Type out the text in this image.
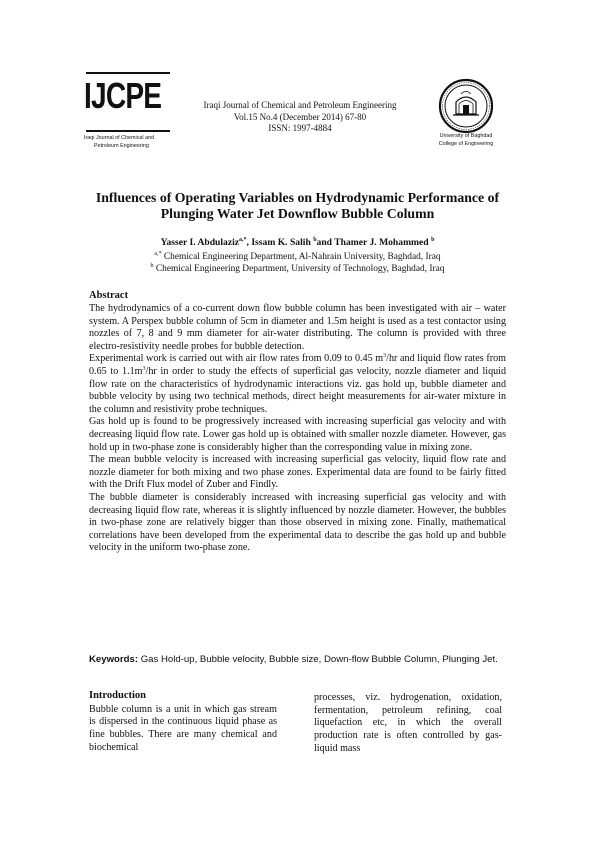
IJCPE
Iraqi Journal of Chemical and
Petroleum Engineering
Iraqi Journal of Chemical and Petroleum Engineering
Vol.15 No.4 (December 2014) 67-80
ISSN: 1997-4884
University of Baghdad
College of Engineering
Influences of Operating Variables on Hydrodynamic Performance of
Plunging Water Jet Downflow Bubble Column
Yasser I. Abdulaziz$^{a,*}$, Issam K. Salih $^b$and Thamer J. Mohammed $^b$
$^{a,*}$ Chemical Engineering Department, Al-Nahrain University, Baghdad, Iraq
$^b$ Chemical Engineering Department, University of Technology, Baghdad, Iraq
Abstract

The hydrodynamics of a co-current down flow bubble column has been investigated with air – water system. A Perspex bubble column of 5cm in diameter and 1.5m height is used as a test contactor using nozzles of 7, 8 and 9 mm diameter for air-water distributing. The column is provided with three electro-resistivity needle probes for bubble detection.

Experimental work is carried out with air flow rates from 0.09 to 0.45 $m^3/hr$ and liquid flow rates from 0.65 to $1.1m^3/hr$ in order to study the effects of superficial gas velocity, nozzle diameter and liquid flow rate on the characteristics of hydrodynamic interactions viz. gas hold up, bubble diameter and bubble velocity by using two technical methods, direct height measurements for air-water mixture in the column and resistivity probe techniques.

Gas hold up is found to be progressively increased with increasing superficial gas velocity and with decreasing liquid flow rate. Lower gas hold up is obtained with smaller nozzle diameter. However, gas hold up in two-phase zone is considerably higher than the corresponding value in mixing zone.

The mean bubble velocity is increased with increasing superficial gas velocity, liquid flow rate and nozzle diameter for both mixing and two phase zones. Experimental data are found to be fairly fitted with the Drift Flux model of Zuber and Findly.

The bubble diameter is considerably increased with increasing superficial gas velocity and with decreasing liquid flow rate, whereas it is slightly influenced by nozzle diameter. However, the bubbles in two-phase zone are relatively bigger than those observed in mixing zone. Finally, mathematical correlations have been developed from the experimental data to describe the gas hold up and bubble velocity in the uniform two-phase zone.

Keywords: Gas Hold-up, Bubble velocity, Bubble size, Down-flow Bubble Column, Plunging Jet.
Introduction

Bubble column is a unit in which gas stream is dispersed in the continuous liquid phase as fine bubbles. There are many chemical and biochemical

processes, viz. hydrogenation, oxidation, fermentation, petroleum refining, coal liquefaction etc, in which the overall production rate is often controlled by gas-liquid mass
